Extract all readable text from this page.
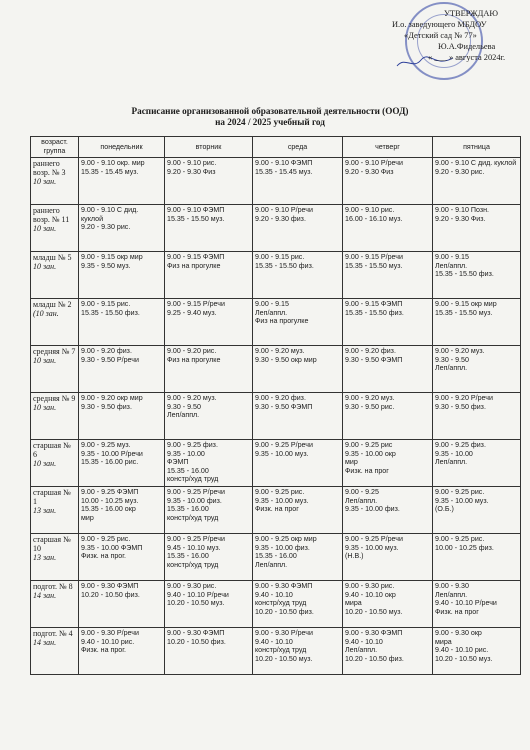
УТВЕРЖДАЮ
И.о. заведующего МБДОУ
«Детский сад № 77»
Ю.А.Фидельева
« ___ » августа 2024г.
Расписание организованной образовательной деятельности (ООД)
на 2024 / 2025 учебный год
возраст. группа	понедельник	вторник	среда	четверг	пятница

раннего возр. № 3
10 зан.	9.00 - 9.10 окр. мир
15.35 - 15.45 муз.	9.00 - 9.10 рис.
9.20 - 9.30 Физ	9.00 - 9.10 ФЭМП
15.35 - 15.45 муз.	9.00 - 9.10 Р/речи
9.20 - 9.30 Физ	9.00 - 9.10 С дид. куклой
9.20 - 9.30 рис.

раннего возр. № 11
10 зан.	9.00 - 9.10 С дид. куклой
9.20 - 9.30 рис.	9.00 - 9.10 ФЭМП
15.35 - 15.50 муз.	9.00 - 9.10 Р/речи
9.20 - 9.30 физ.	9.00 - 9.10 рис.
16.00 - 16.10 муз.	9.00 - 9.10 Позн.
9.20 - 9.30 Физ.

младш № 5
10 зан.	9.00 - 9.15 окр мир
9.35 - 9.50 муз.	9.00 - 9.15 ФЭМП
Физ на прогулке	9.00 - 9.15 рис.
15.35 - 15.50 физ.	9.00 - 9.15 Р/речи
15.35 - 15.50 муз.	9.00 - 9.15
Леп/аппл.
15.35 - 15.50 физ.

младш № 2
(10 зан.	9.00 - 9.15 рис.
15.35 - 15.50 физ.	9.00 - 9.15 Р/речи
9.25 - 9.40 муз.	9.00 - 9.15
Леп/аппл.
Физ на прогулке	9.00 - 9.15 ФЭМП
15.35 - 15.50 физ.	9.00 - 9.15 окр мир
15.35 - 15.50 муз.

средняя № 7
10 зан.	9.00 - 9.20 физ.
9.30 - 9.50 Р/речи	9.00 - 9.20 рис.
Физ на прогулке	9.00 - 9.20 муз.
9.30 - 9.50 окр мир	9.00 - 9.20 физ.
9.30 - 9.50 ФЭМП	9.00 - 9.20 муз.
9.30 - 9.50
Леп/аппл.

средняя № 9
10 зан.	9.00 - 9.20 окр мир
9.30 - 9.50 физ.	9.00 - 9.20 муз.
9.30 - 9.50
Леп/аппл.	9.00 - 9.20 физ.
9.30 - 9.50 ФЭМП	9.00 - 9.20 муз.
9.30 - 9.50 рис.	9.00 - 9.20 Р/речи
9.30 - 9.50 физ.

старшая № 6
10 зан.	9.00 - 9.25 муз.
9.35 - 10.00 Р/речи
15.35 - 16.00 рис.	9.00 - 9.25 физ.
9.35 - 10.00
ФЭМП
15.35 - 16.00
констр/худ труд	9.00 - 9.25 Р/речи
9.35 - 10.00 муз.	9.00 - 9.25 рис
9.35 - 10.00 окр
мир
Физк. на прог	9.00 - 9.25 физ.
9.35 - 10.00
Леп/аппл.

старшая № 1
13 зан.	9.00 - 9.25 ФЭМП
10.00 - 10.25 муз.
15.35 - 16.00 окр
мир	9.00 - 9.25 Р/речи
9.35 - 10.00 физ.
15.35 - 16.00
констр/худ труд	9.00 - 9.25 рис.
9.35 - 10.00 муз.
Физк. на прог	9.00 - 9.25
Леп/аппл.
9.35 - 10.00 физ.	9.00 - 9.25 рис.
9.35 - 10.00 муз.
(О.Б.)

старшая № 10
13 зан.	9.00 - 9.25 рис.
9.35 - 10.00 ФЭМП
Физк. на прог.	9.00 - 9.25 Р/речи
9.45 - 10.10 муз.
15.35 - 16.00
констр/худ труд	9.00 - 9.25 окр мир
9.35 - 10.00 физ.
15.35 - 16.00
Леп/аппл.	9.00 - 9.25 Р/речи
9.35 - 10.00 муз.
(Н.В.)	9.00 - 9.25 рис.
10.00 - 10.25 физ.

подгот. № 8
14 зан.	9.00 - 9.30 ФЭМП
10.20 - 10.50 физ.	9.00 - 9.30 рис.
9.40 - 10.10 Р/речи
10.20 - 10.50 муз.	9.00 - 9.30 ФЭМП
9.40 - 10.10
констр/худ труд
10.20 - 10.50 физ.	9.00 - 9.30 рис.
9.40 - 10.10 окр
мира
10.20 - 10.50 муз.	9.00 - 9.30
Леп/аппл.
9.40 - 10.10 Р/речи
Физк. на прог

подгот. № 4
14 зан.	9.00 - 9.30 Р/речи
9.40 - 10.10 рис.
Физк. на прог.	9.00 - 9.30 ФЭМП
10.20 - 10.50 физ.	9.00 - 9.30 Р/речи
9.40 - 10.10
констр/худ труд
10.20 - 10.50 муз.	9.00 - 9.30 ФЭМП
9.40 - 10.10
Леп/аппл.
10.20 - 10.50 физ.	9.00 - 9.30 окр
мира
9.40 - 10.10 рис.
10.20 - 10.50 муз.
